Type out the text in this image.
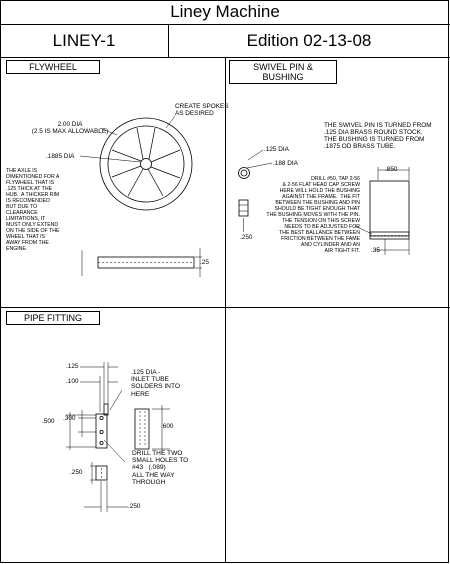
Liney Machine
LINEY-1	Edition 02-13-08
FLYWHEEL	SWIVEL PIN & BUSHING
PIPE FITTING
CREATE SPOKES
AS DESIRED
2.00 DIA
(2.5 IS MAX ALLOWABLE)
.1885 DIA
THE AXLE IS
DIMENTIONED FOR A
FLYWHEEL THAT IS
.125 THICK AT THE
HUB.  A THICKER RIM
IS RECOMENDED
BUT DUE TO
CLEARANCE
LIMITATIONS, IT
MUST ONLY EXTEND
ON THE SIDE OF THE
WHEEL THAT IS
AWAY FROM THE
ENGINE.
.25
THE SWIVEL PIN IS TURNED FROM
.125 DIA BRASS ROUND STOCK.
THE BUSHING IS TURNED FROM
.1875 OD BRASS TUBE.
.125 DIA
.188 DIA
.850
DRILL #50, TAP 2-56
& 2-56 FLAT HEAD CAP SCREW
HERE WILL HOLD THE BUSHING
AGAINST THE FRAME.  THE FIT
BETWEEN THE BUSHING AND PIN
SHOULD BE TIGHT ENOUGH THAT
THE BUSHING MOVES WITH THE PIN.
THE TENSION ON THIS SCREW
NEEDS TO BE ADJUSTED FOR
THE BEST BALLANCE BETWEEN
FRICTION BETWEEN THE FAME
AND CYLINDER AND AN
AIR TIGHT FIT.
.250
.35
.125
.100
.125 DIA -
INLET TUBE
SOLDERS INTO
HERE
.300
.500
.600
DRILL THE TWO
SMALL HOLES TO
#43   (.089)
ALL THE WAY
THROUGH
.250
.250
